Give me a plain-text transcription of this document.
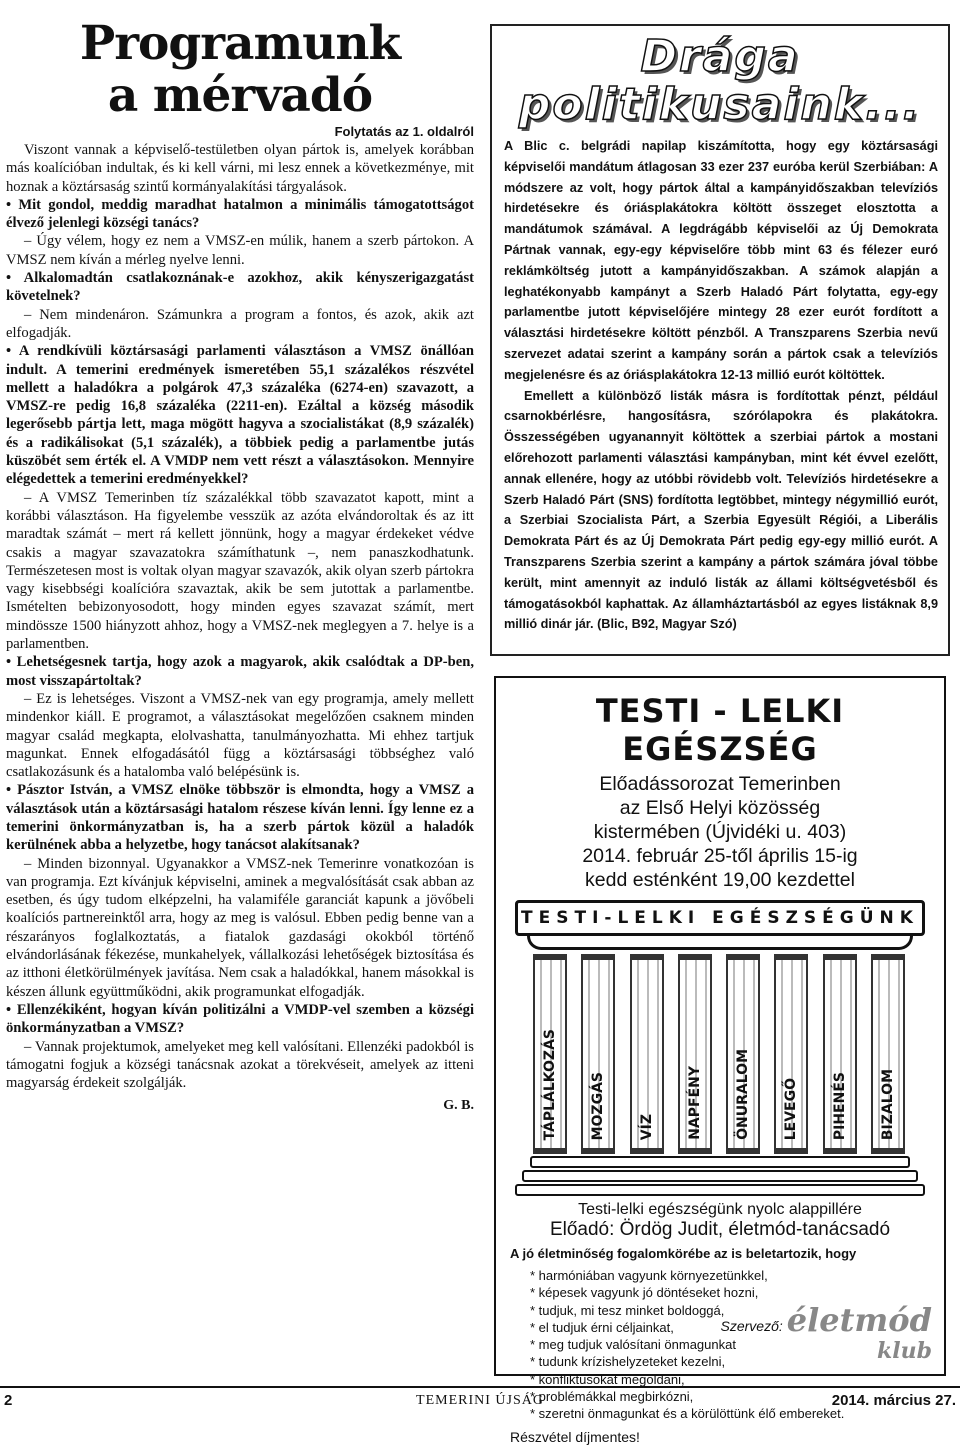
Programunk
a mérvadó
Folytatás az 1. oldalról

Viszont vannak a képviselő-testületben olyan pártok is, amelyek korábban más koalícióban indultak, és ki kell várni, mi lesz ennek a következménye, mit hoznak a köztársaság szintű kormányalakítási tárgyalások.

• Mit gondol, meddig maradhat hatalmon a minimális támogatottságot élvező jelenlegi községi tanács?

– Úgy vélem, hogy ez nem a VMSZ-en múlik, hanem a szerb pártokon. A VMSZ nem kíván a mérleg nyelve lenni.

• Alkalomadtán csatlakoznának-e azokhoz, akik kényszerigazgatást követelnek?

– Nem mindenáron. Számunkra a program a fontos, és azok, akik azt elfogadják.

• A rendkívüli köztársasági parlamenti választáson a VMSZ önállóan indult. A temerini eredmények ismeretében 55,1 százalékos részvétel mellett a haladókra a polgárok 47,3 százaléka (6274-en) szavazott, a VMSZ-re pedig 16,8 százaléka (2211-en). Ezáltal a község második legerősebb pártja lett, maga mögött hagyva a szocialistákat (8,9 százalék) és a radikálisokat (5,1 százalék), a többiek pedig a parlamentbe jutás küszöbét sem érték el. A VMDP nem vett részt a választásokon. Mennyire elégedettek a temerini eredményekkel?

– A VMSZ Temerinben tíz százalékkal több szavazatot kapott, mint a korábbi választáson. Ha figyelembe vesszük az azóta elvándoroltak és az itt maradtak számát – mert rá kellett jönnünk, hogy a magyar érdekeket védve csakis a magyar szavazatokra számíthatunk –, nem panaszkodhatunk. Természetesen most is voltak olyan magyar szavazók, akik olyan szerb pártokra vagy kisebbségi koalícióra szavaztak, akik be sem jutottak a parlamentbe. Ismételten bebizonyosodott, hogy minden egyes szavazat számít, mert mindössze 1500 hiányzott ahhoz, hogy a VMSZ-nek meglegyen a 7. helye is a parlamentben.

• Lehetségesnek tartja, hogy azok a magyarok, akik csalódtak a DP-ben, most visszapártoltak?

– Ez is lehetséges. Viszont a VMSZ-nek van egy programja, amely mellett mindenkor kiáll. E programot, a választásokat megelőzően csaknem minden magyar család megkapta, elolvashatta, tanulmányozhatta. Mi ehhez tartjuk magunkat. Ennek elfogadásától függ a köztársasági többséghez való csatlakozásunk és a hatalomba való belépésünk is.

• Pásztor István, a VMSZ elnöke többször is elmondta, hogy a VMSZ a választások után a köztársasági hatalom részese kíván lenni. Így lenne ez a temerini önkormányzatban is, ha a szerb pártok közül a haladók kerülnének abba a helyzetbe, hogy tanácsot alakítsanak?

– Minden bizonnyal. Ugyanakkor a VMSZ-nek Temerinre vonatkozóan is van programja. Ezt kívánjuk képviselni, aminek a megvalósítását csak abban az esetben, és úgy tudom elképzelni, ha valamiféle garanciát kapunk a jövőbeli koalíciós partnereinktől arra, hogy az meg is valósul. Ebben pedig benne van a részarányos foglalkoztatás, a fiatalok gazdasági okokból történő elvándorlásának fékezése, munkahelyek, vállalkozási lehetőségek biztosítása és az itthoni életkörülmények javítása. Nem csak a haladókkal, hanem másokkal is készen állunk együttműködni, akik programunkat elfogadják.

• Ellenzékiként, hogyan kíván politizálni a VMDP-vel szemben a községi önkormányzatban a VMSZ?

– Vannak projektumok, amelyeket meg kell valósítani. Ellenzéki padokból is támogatni fogjuk a községi tanácsnak azokat a törekvéseit, amelyek az itteni magyarság érdekeit szolgálják.

G. B.
Drága
politikusaink...

A Blic c. belgrádi napilap kiszámította, hogy egy köztársasági képviselői mandátum átlagosan 33 ezer 237 euróba kerül Szerbiában: A módszere az volt, hogy pártok által a kampányidőszakban televíziós hirdetésekre és óriásplakátokra költött összeget elosztotta a mandátumok számával. A legdrágább képviselői az Új Demokrata Pártnak vannak, egy-egy képviselőre több mint 63 és félezer euró reklámköltség jutott a kampányidőszakban. A számok alapján a leghatékonyabb kampányt a Szerb Haladó Párt folytatta, egy-egy parlamentbe jutott képviselőjére mintegy 28 ezer eurót fordított a választási hirdetésekre költött pénzből. A Transzparens Szerbia nevű szervezet adatai szerint a kampány során a pártok csak a televíziós megjelenésre és az óriásplakátokra 12-13 millió eurót költöttek.

Emellett a különböző listák másra is fordítottak pénzt, például csarnokbérlésre, hangosításra, szórólapokra és plakátokra. Összességében ugyanannyit költöttek a szerbiai pártok a mostani előrehozott parlamenti választási kampányban, mint két évvel ezelőtt, annak ellenére, hogy az utóbbi rövidebb volt. Televíziós hirdetésekre a Szerb Haladó Párt (SNS) fordította legtöbbet, mintegy négymillió eurót, a Szerbiai Szocialista Párt, a Szerbia Egyesült Régiói, a Liberális Demokrata Párt és az Új Demokrata Párt pedig egy-egy millió eurót. A Transzparens Szerbia szerint a kampány a pártok számára jóval többe került, mint amennyit az induló listák az állami költségvetésből és támogatásokból kaphattak. Az államháztartásból az egyes listáknak 8,9 millió dinár jár. (Blic, B92, Magyar Szó)

TESTI - LELKI EGÉSZSÉG

Előadássorozat Temerinben

az Első Helyi közösség

kistermében (Újvidéki u. 403)

2014. február 25-től április 15-ig

kedd esténként 19,00 kezdettel

TESTI-LELKI EGÉSZSÉGÜNK
TÁPLÁLKOZÁS MOZGÁS VÍZ NAPFÉNY ÖNURALOM LEVEGŐ PIHENÉS BIZALOM

Testi-lelki egészségünk nyolc alappillére

Előadó: Ördög Judit, életmód-tanácsadó

A jó életminőség fogalomkörébe az is beletartozik, hogy

* harmóniában vagyunk környezetünkkel,

* képesek vagyunk jó döntéseket hozni,

* tudjuk, mi tesz minket boldoggá,

* el tudjuk érni céljainkat,

* meg tudjuk valósítani önmagunkat

* tudunk krízishelyzeteket kezelni,

* konfliktusokat megoldani,

* problémákkal megbirkózni,

* szeretni önmagunkat és a körülöttünk élő embereket.

Részvétel díjmentes!
Szervező: életmód
klub
2	TEMERINI ÚJSÁG	2014. március 27.
